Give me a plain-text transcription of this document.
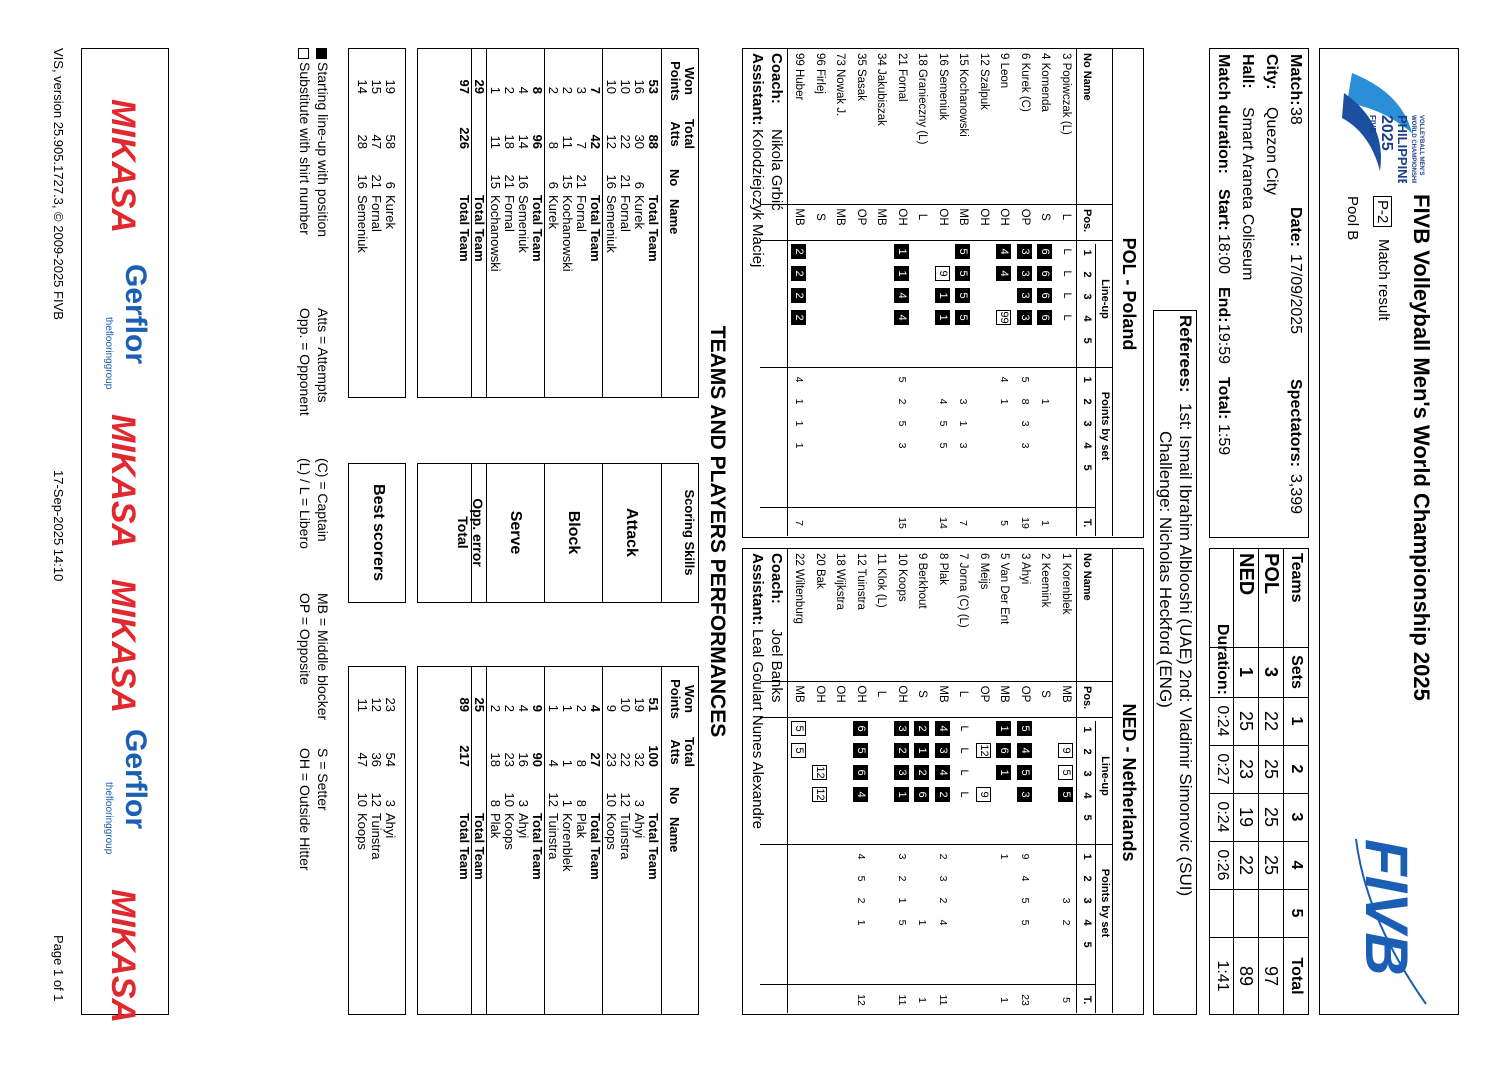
VOLLEYBALL MEN'S
WORLD CHAMPIONSHIP
PHILIPPINES
2025
FIVB
FIVB Volleyball Men's World Championship 2025
P-2
Match result
Pool B
FIVB
Match:
38
Date:
17/09/2025
Spectators:
3,399
City:
Quezon City
Hall:
Smart Araneta Coliseum
Match duration:
Start:
18:00
End:
19:59
Total:
1:59
Teams
Sets
1
2
3
4
5
Total
POL
3
22
25
25
25
97
NED
1
25
23
19
22
89
Duration:
0:24
0:27
0:24
0:26
1:41
Referees:
1st: Ismail Ibrahim Alblooshi (UAE) 2nd: Vladimir Simonovic (SUI)
Challenge: Nicholas Heckford (ENG)
POL - Poland
Line-up
Points by set
No Name
Pos.
1
1
2
2
3
3
4
4
5
5
T.
3 Popiwczak (L)
L
L
L
L
L
4 Komenda
S
6
6
6
6
1
1
6 Kurek (C)
OP
3
3
3
3
5
8
3
3
19
9 Leon
OH
4
4
99
4
1
5
12 Szalpuk
OH
15 Kochanowski
MB
5
5
5
5
3
1
3
7
16 Semeniuk
OH
9
1
1
4
5
5
14
18 Granieczny (L)
L
21 Fornal
OH
1
1
4
4
5
2
5
3
15
34 Jakubiszak
MB
35 Sasak
OP
73 Nowak J.
MB
96 Firlej
S
99 Huber
MB
2
2
2
2
4
1
1
1
7
Coach:
Nikola Grbić
Assistant:
Kolodziejczyk Maciej
NED - Netherlands
Line-up
Points by set
No Name
Pos.
1
1
2
2
3
3
4
4
5
5
T.
1 Korenblek
MB
9
5
5
3
2
5
2 Keemink
S
3 Ahyi
OP
5
4
5
3
9
4
5
5
23
5 Van Der Ent
MB
1
6
1
1
1
6 Meijs
OP
12
9
7 Jorna (C) (L)
L
L
L
L
L
8 Plak
MB
4
3
4
2
2
3
2
4
11
9 Berkhout
S
2
1
2
6
1
1
10 Koops
OH
3
2
3
1
3
2
1
5
11
11 Klok (L)
L
12 Tuinstra
OH
6
5
6
4
4
5
2
1
12
18 Wijkstra
OH
20 Bak
OH
12
12
22 Wiltenburg
MB
5
5
Coach:
Joel Banks
Assistant:
Leal Goulart Nunes Alexandre
TEAMS AND PLAYERS PERFORMANCES
Won Points
Total Atts
No
Name
53
88
Total Team
16
30
6
Kurek
10
22
21
Fornal
10
12
16
Semeniuk
7
42
Total Team
3
7
21
Fornal
2
11
15
Kochanowski
2
8
6
Kurek
8
96
Total Team
4
14
16
Semeniuk
2
18
21
Fornal
1
11
15
Kochanowski
29
Total Team
97
226
Total Team
Scoring Skills
Attack
Block
Serve
Opp. error
Total
Won Points
Total Atts
No
Name
51
100
Total Team
19
32
3
Ahyi
10
22
12
Tuinstra
9
23
10
Koops
4
27
Total Team
2
8
8
Plak
1
1
1
Korenblek
1
4
12
Tuinstra
9
90
Total Team
4
16
3
Ahyi
2
23
10
Koops
2
18
8
Plak
25
Total Team
89
217
Total Team
19
58
6
Kurek
15
47
21
Fornal
14
28
16
Semeniuk
Best scorers
23
54
3
Ahyi
12
36
12
Tuinstra
11
47
10
Koops
Starting line-up with position
Substitute with shirt number
Atts = Attempts
Opp. = Opponent
(C) = Captain
(L) / L = Libero
MB = Middle blocker
OP = Opposite
S = Setter
OH = Outside Hitter
MIKASA
Gerflor
theflooringgroup
MIKASA
MIKASA
Gerflor
theflooringgroup
MIKASA
VIS, version 25.905.1727.3, © 2009-2025 FIVB
17-Sep-2025 14:10
Page 1 of 1
